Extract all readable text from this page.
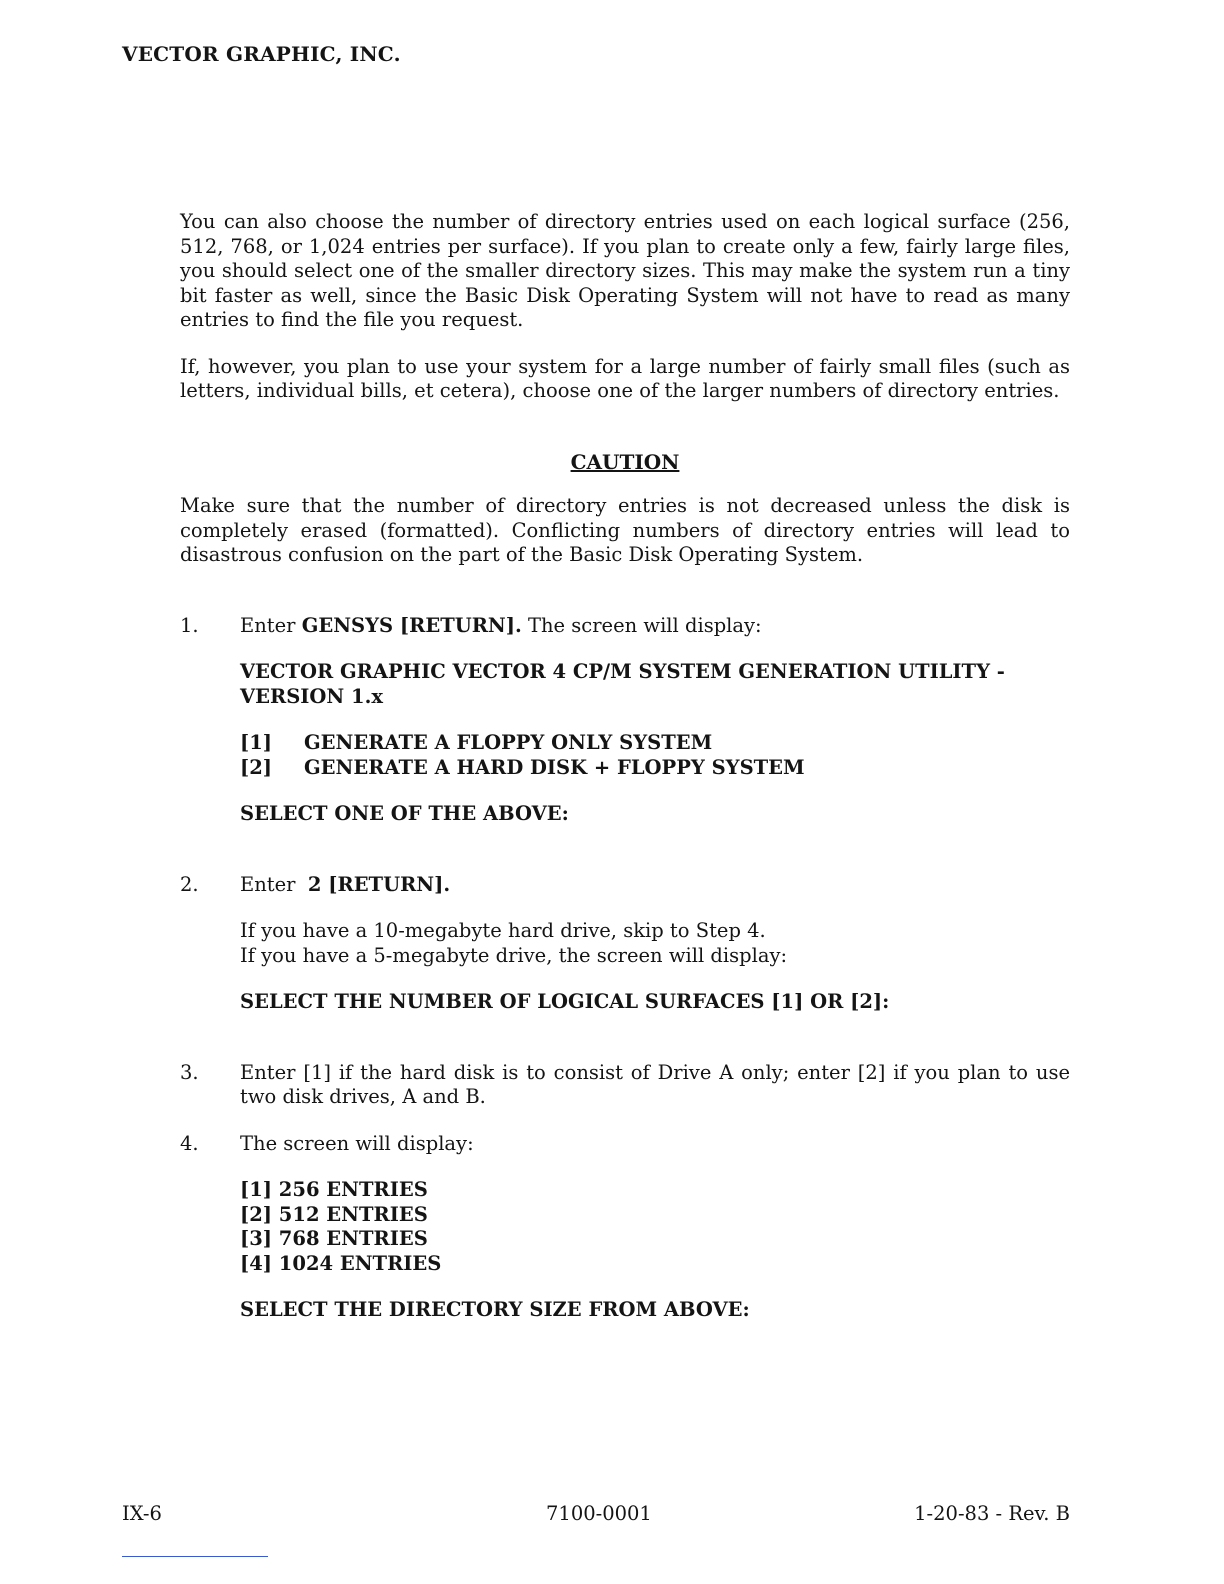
VECTOR GRAPHIC, INC.

You can also choose the number of directory entries used on each logical surface (256, 512, 768, or 1,024 entries per surface). If you plan to create only a few, fairly large files, you should select one of the smaller directory sizes. This may make the system run a tiny bit faster as well, since the Basic Disk Operating System will not have to read as many entries to find the file you request.

If, however, you plan to use your system for a large number of fairly small files (such as letters, individual bills, et cetera), choose one of the larger numbers of directory entries.

CAUTION

Make sure that the number of directory entries is not decreased unless the disk is completely erased (formatted). Conflicting numbers of directory entries will lead to disastrous confusion on the part of the Basic Disk Operating System.

1. Enter GENSYS [RETURN]. The screen will display:

VECTOR GRAPHIC VECTOR 4 CP/M SYSTEM GENERATION UTILITY -

VERSION 1.x

[1]	GENERATE A FLOPPY ONLY SYSTEM

[2]	GENERATE A HARD DISK + FLOPPY SYSTEM

SELECT ONE OF THE ABOVE:

2. Enter 2 [RETURN].

If you have a 10-megabyte hard drive, skip to Step 4.

If you have a 5-megabyte drive, the screen will display:

SELECT THE NUMBER OF LOGICAL SURFACES [1] OR [2]:

3. Enter [1] if the hard disk is to consist of Drive A only; enter [2] if you plan to use two disk drives, A and B.

4. The screen will display:

[1] 256 ENTRIES

[2] 512 ENTRIES

[3] 768 ENTRIES

[4] 1024 ENTRIES

SELECT THE DIRECTORY SIZE FROM ABOVE:

IX-6	7100-0001	1-20-83 - Rev. B
